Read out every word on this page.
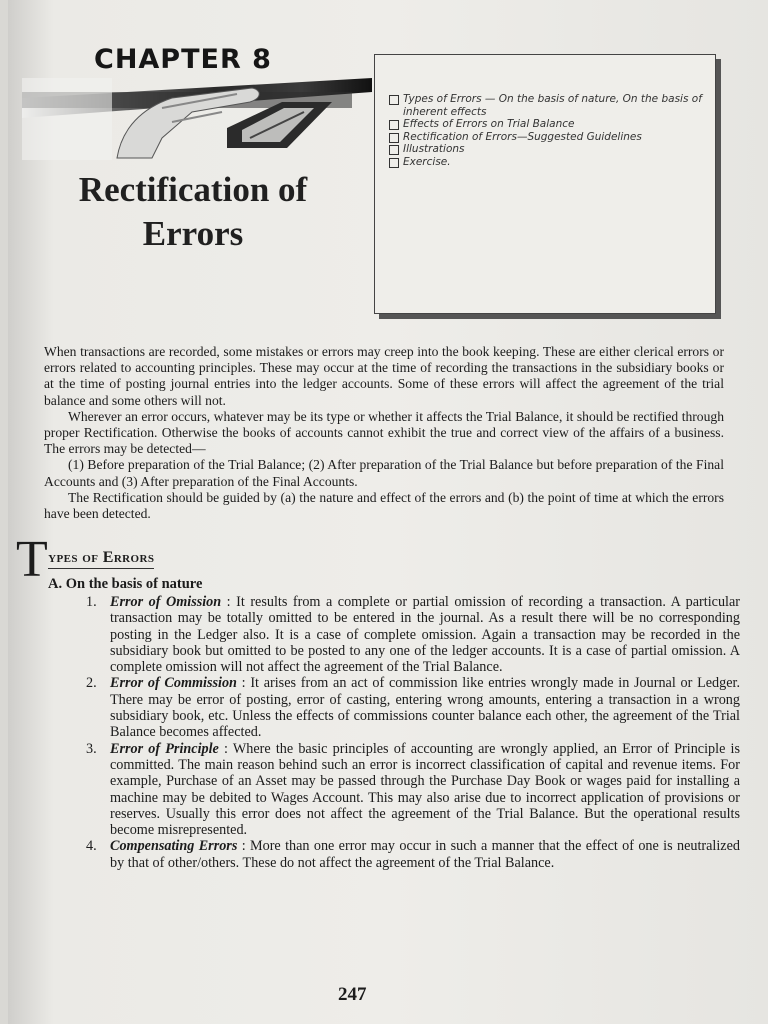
CHAPTER 8
Rectification of
Errors
Types of Errors — On the basis of nature, On the basis of inherent effects
Effects of Errors on Trial Balance
Rectification of Errors—Suggested Guidelines
Illustrations
Exercise.

When transactions are recorded, some mistakes or errors may creep into the book keeping. These are either clerical errors or errors related to accounting principles. These may occur at the time of recording the transactions in the subsidiary books or at the time of posting journal entries into the ledger accounts. Some of these errors will affect the agreement of the trial balance and some others will not.

Wherever an error occurs, whatever may be its type or whether it affects the Trial Balance, it should be rectified through proper Rectification. Otherwise the books of accounts cannot exhibit the true and correct view of the affairs of a business. The errors may be detected—

(1) Before preparation of the Trial Balance; (2) After preparation of the Trial Balance but before preparation of the Final Accounts and (3) After preparation of the Final Accounts.

The Rectification should be guided by (a) the nature and effect of the errors and (b) the point of time at which the errors have been detected.

Types of Errors
A. On the basis of nature
1. Error of Omission : It results from a complete or partial omission of recording a transaction. A particular transaction may be totally omitted to be entered in the journal. As a result there will be no corresponding posting in the Ledger also. It is a case of complete omission. Again a transaction may be recorded in the subsidiary book but omitted to be posted to any one of the ledger accounts. It is a case of partial omission. A complete omission will not affect the agreement of the Trial Balance.
2. Error of Commission : It arises from an act of commission like entries wrongly made in Journal or Ledger. There may be error of posting, error of casting, entering wrong amounts, entering a transaction in a wrong subsidiary book, etc. Unless the effects of commissions counter balance each other, the agreement of the Trial Balance becomes affected.
3. Error of Principle : Where the basic principles of accounting are wrongly applied, an Error of Principle is committed. The main reason behind such an error is incorrect classification of capital and revenue items. For example, Purchase of an Asset may be passed through the Purchase Day Book or wages paid for installing a machine may be debited to Wages Account. This may also arise due to incorrect application of provisions or reserves. Usually this error does not affect the agreement of the Trial Balance. But the operational results become misrepresented.
4. Compensating Errors : More than one error may occur in such a manner that the effect of one is neutralized by that of other/others. These do not affect the agreement of the Trial Balance.
247
